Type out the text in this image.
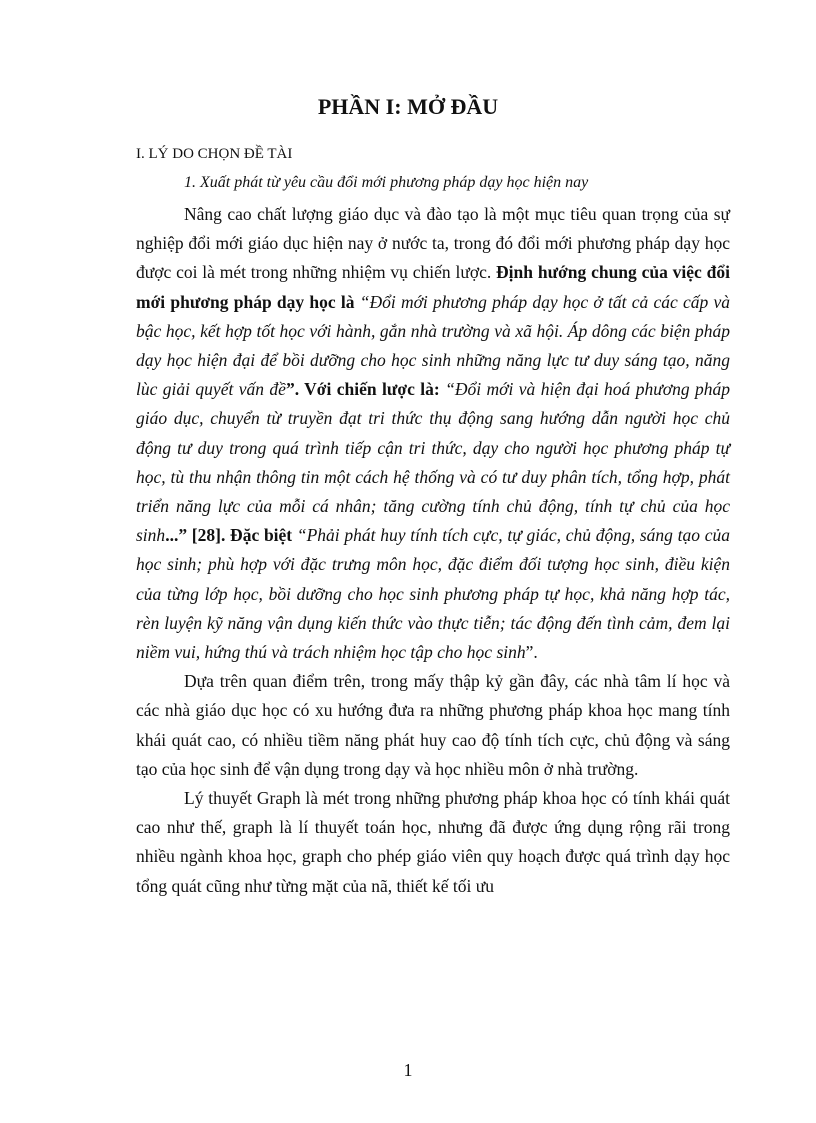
PHẦN I: MỞ ĐẦU
I. LÝ DO CHỌN ĐỀ TÀI
1. Xuất phát từ yêu cầu đổi mới phương pháp dạy học hiện nay

Nâng cao chất lượng giáo dục và đào tạo là một mục tiêu quan trọng của sự nghiệp đổi mới giáo dục hiện nay ở nước ta, trong đó đổi mới phương pháp dạy học được coi là mét trong những nhiệm vụ chiến lược. Định hướng chung của việc đổi mới phương pháp dạy học là “Đổi mới phương pháp dạy học ở tất cả các cấp và bậc học, kết hợp tốt học với hành, gắn nhà trường và xã hội. Áp dông các biện pháp dạy học hiện đại để bồi dưỡng cho học sinh những năng lực tư duy sáng tạo, năng lùc giải quyết vấn đề”. Với chiến lược là: “Đổi mới và hiện đại hoá phương pháp giáo dục, chuyển từ truyền đạt tri thức thụ động sang hướng dẫn người học chủ động tư duy trong quá trình tiếp cận tri thức, dạy cho người học phương pháp tự học, tù thu nhận thông tin một cách hệ thống và có tư duy phân tích, tổng hợp, phát triển năng lực của mỗi cá nhân; tăng cường tính chủ động, tính tự chủ của học sinh...” [28]. Đặc biệt “Phải phát huy tính tích cực, tự giác, chủ động, sáng tạo của học sinh; phù hợp với đặc trưng môn học, đặc điểm đối tượng học sinh, điều kiện của từng lớp học, bồi dưỡng cho học sinh phương pháp tự học, khả năng hợp tác, rèn luyện kỹ năng vận dụng kiến thức vào thực tiễn; tác động đến tình cảm, đem lại niềm vui, hứng thú và trách nhiệm học tập cho học sinh”.

Dựa trên quan điểm trên, trong mấy thập kỷ gần đây, các nhà tâm lí học và các nhà giáo dục học có xu hướng đưa ra những phương pháp khoa học mang tính khái quát cao, có nhiều tiềm năng phát huy cao độ tính tích cực, chủ động và sáng tạo của học sinh để vận dụng trong dạy và học nhiều môn ở nhà trường.

Lý thuyết Graph là mét trong những phương pháp khoa học có tính khái quát cao như thế, graph là lí thuyết toán học, nhưng đã được ứng dụng rộng rãi trong nhiều ngành khoa học, graph cho phép giáo viên quy hoạch được quá trình dạy học tổng quát cũng như từng mặt của nã, thiết kế tối ưu

1
